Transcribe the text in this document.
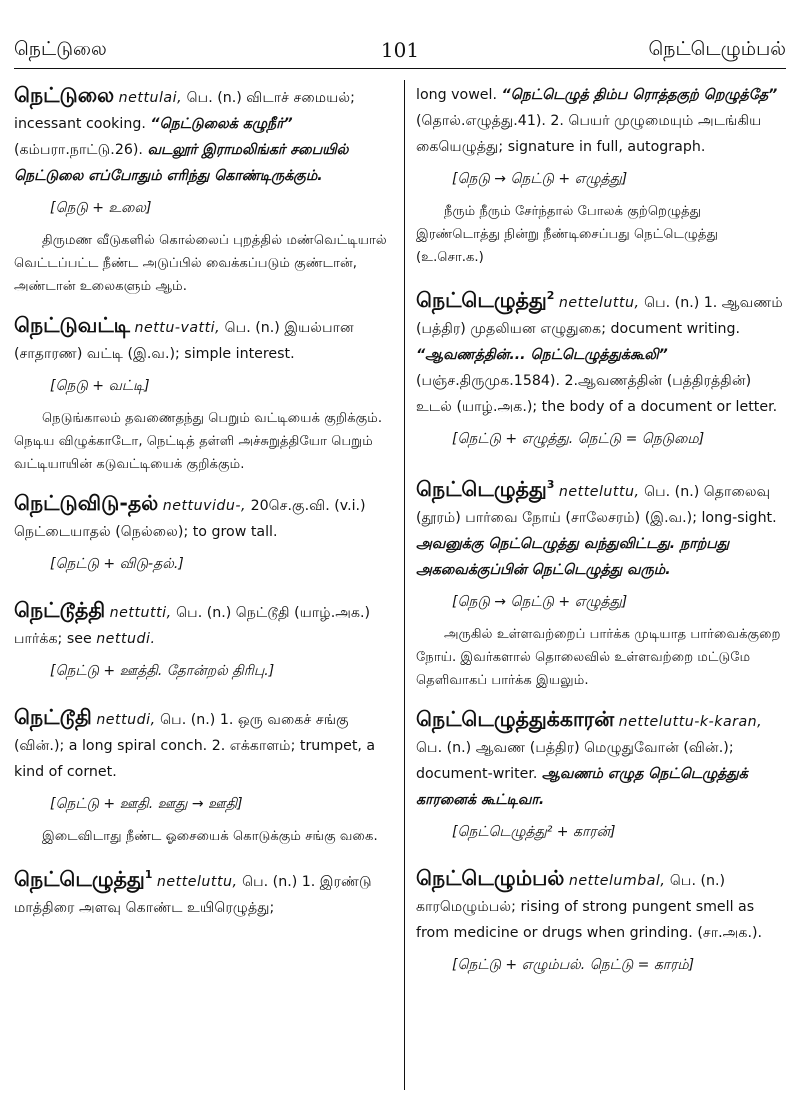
நெட்டுலை	101	நெட்டெழும்பல்
நெட்டுலை nettulai, பெ. (n.) விடாச் சமையல்; incessant cooking. “நெட்டுலைக் கழுநீர்” (கம்பரா.நாட்டு.26). வடலூர் இராமலிங்கர் சபையில் நெட்டுலை எப்போதும் எரிந்து கொண்டிருக்கும்.
[நெடு + உலை]
திருமண வீடுகளில் கொல்லைப் புறத்தில் மண்வெட்டியால் வெட்டப்பட்ட நீண்ட அடுப்பில் வைக்கப்படும் குண்டான், அண்டான் உலைகளும் ஆம்.
நெட்டுவட்டி nettu-vatti, பெ. (n.) இயல்பான (சாதாரண) வட்டி (இ.வ.); simple interest.
[நெடு + வட்டி]
நெடுங்காலம் தவணைதந்து பெறும் வட்டியைக் குறிக்கும். நெடிய விழுக்காடோ, நெட்டித் தள்ளி அச்சுறுத்தியோ பெறும் வட்டியாயின் கடுவட்டியைக் குறிக்கும்.
நெட்டுவிடு-தல் nettuvidu-, 20செ.கு.வி. (v.i.) நெட்டையாதல் (நெல்லை); to grow tall.
[நெட்டு + விடு-தல்.]
நெட்டூத்தி nettutti, பெ. (n.) நெட்டூதி (யாழ்.அக.) பார்க்க; see nettudi.
[நெட்டு + ஊத்தி. தோன்றல் திரிபு.]
நெட்டூதி nettudi, பெ. (n.) 1. ஒரு வகைச் சங்கு (வின்.); a long spiral conch. 2. எக்காளம்; trumpet, a kind of cornet.
[நெட்டு + ஊதி. ஊது → ஊதி]
இடைவிடாது நீண்ட ஓசையைக் கொடுக்கும் சங்கு வகை.
நெட்டெழுத்து$^1$ netteluttu, பெ. (n.) 1. இரண்டு மாத்திரை அளவு கொண்ட உயிரெழுத்து;
long vowel. “நெட்டெழுத் திம்ப ரொத்தகுற் றெழுத்தே” (தொல்.எழுத்து.41). 2. பெயர் முழுமையும் அடங்கிய கையெழுத்து; signature in full, autograph.
[நெடு → நெட்டு + எழுத்து]
நீரும் நீரும் சேர்ந்தால் போலக் குற்றெழுத்து இரண்டொத்து நின்று நீண்டிசைப்பது நெட்டெழுத்து (உ.சொ.க.)
நெட்டெழுத்து$^2$ netteluttu, பெ. (n.) 1. ஆவணம் (பத்திர) முதலியன எழுதுகை; document writing. “ஆவணத்தின்... நெட்டெழுத்துக்கூலி” (பஞ்ச.திருமுக.1584). 2.ஆவணத்தின் (பத்திரத்தின்) உடல் (யாழ்.அக.); the body of a document or letter.
[நெட்டு + எழுத்து. நெட்டு = நெடுமை]
நெட்டெழுத்து$^3$ netteluttu, பெ. (n.) தொலைவு (தூரம்) பார்வை நோய் (சாலேசரம்) (இ.வ.); long-sight. அவனுக்கு நெட்டெழுத்து வந்துவிட்டது. நாற்பது அகவைக்குப்பின் நெட்டெழுத்து வரும்.
[நெடு → நெட்டு + எழுத்து]
அருகில் உள்ளவற்றைப் பார்க்க முடியாத பார்வைக்குறை நோய். இவர்களால் தொலைவில் உள்ளவற்றை மட்டுமே தெளிவாகப் பார்க்க இயலும்.
நெட்டெழுத்துக்காரன் netteluttu-k-karan, பெ. (n.) ஆவண (பத்திர) மெழுதுவோன் (வின்.); document-writer. ஆவணம் எழுத நெட்டெழுத்துக் காரனைக் கூட்டிவா.
[நெட்டெழுத்து² + காரன்]
நெட்டெழும்பல் nettelumbal, பெ. (n.) காரமெழும்பல்; rising of strong pungent smell as from medicine or drugs when grinding. (சா.அக.).
[நெட்டு + எழும்பல். நெட்டு = காரம்]
